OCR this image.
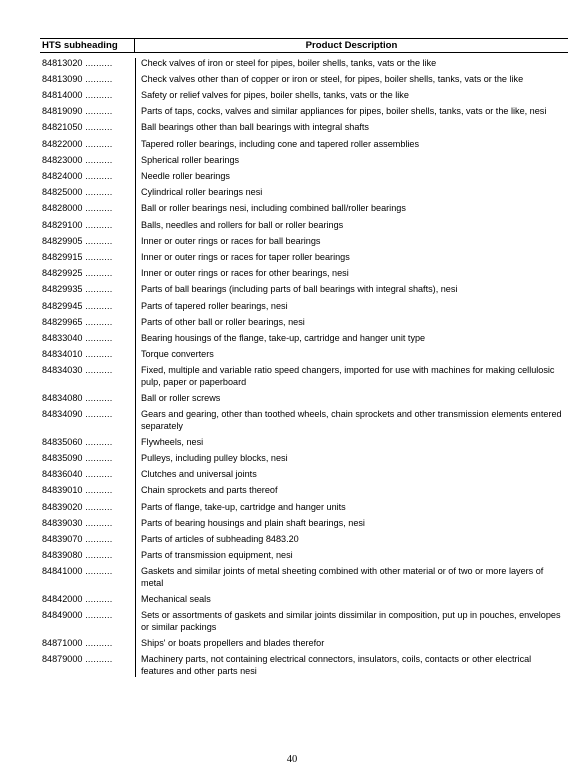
HTS subheading	Product Description
84813020 ..........	Check valves of iron or steel for pipes, boiler shells, tanks, vats or the like
84813090 ..........	Check valves other than of copper or iron or steel, for pipes, boiler shells, tanks, vats or the like
84814000 ..........	Safety or relief valves for pipes, boiler shells, tanks, vats or the like
84819090 ..........	Parts of taps, cocks, valves and similar appliances for pipes, boiler shells, tanks, vats or the like, nesi
84821050 ..........	Ball bearings other than ball bearings with integral shafts
84822000 ..........	Tapered roller bearings, including cone and tapered roller assemblies
84823000 ..........	Spherical roller bearings
84824000 ..........	Needle roller bearings
84825000 ..........	Cylindrical roller bearings nesi
84828000 ..........	Ball or roller bearings nesi, including combined ball/roller bearings
84829100 ..........	Balls, needles and rollers for ball or roller bearings
84829905 ..........	Inner or outer rings or races for ball bearings
84829915 ..........	Inner or outer rings or races for taper roller bearings
84829925 ..........	Inner or outer rings or races for other bearings, nesi
84829935 ..........	Parts of ball bearings (including parts of ball bearings with integral shafts), nesi
84829945 ..........	Parts of tapered roller bearings, nesi
84829965 ..........	Parts of other ball or roller bearings, nesi
84833040 ..........	Bearing housings of the flange, take-up, cartridge and hanger unit type
84834010 ..........	Torque converters
84834030 ..........	Fixed, multiple and variable ratio speed changers, imported for use with machines for making cellulosic pulp, paper or paperboard
84834080 ..........	Ball or roller screws
84834090 ..........	Gears and gearing, other than toothed wheels, chain sprockets and other transmission elements entered separately
84835060 ..........	Flywheels, nesi
84835090 ..........	Pulleys, including pulley blocks, nesi
84836040 ..........	Clutches and universal joints
84839010 ..........	Chain sprockets and parts thereof
84839020 ..........	Parts of flange, take-up, cartridge and hanger units
84839030 ..........	Parts of bearing housings and plain shaft bearings, nesi
84839070 ..........	Parts of articles of subheading 8483.20
84839080 ..........	Parts of transmission equipment, nesi
84841000 ..........	Gaskets and similar joints of metal sheeting combined with other material or of two or more layers of metal
84842000 ..........	Mechanical seals
84849000 ..........	Sets or assortments of gaskets and similar joints dissimilar in composition, put up in pouches, envelopes or similar packings
84871000 ..........	Ships' or boats propellers and blades therefor
84879000 ..........	Machinery parts, not containing electrical connectors, insulators, coils, contacts or other electrical features and other parts nesi
40
